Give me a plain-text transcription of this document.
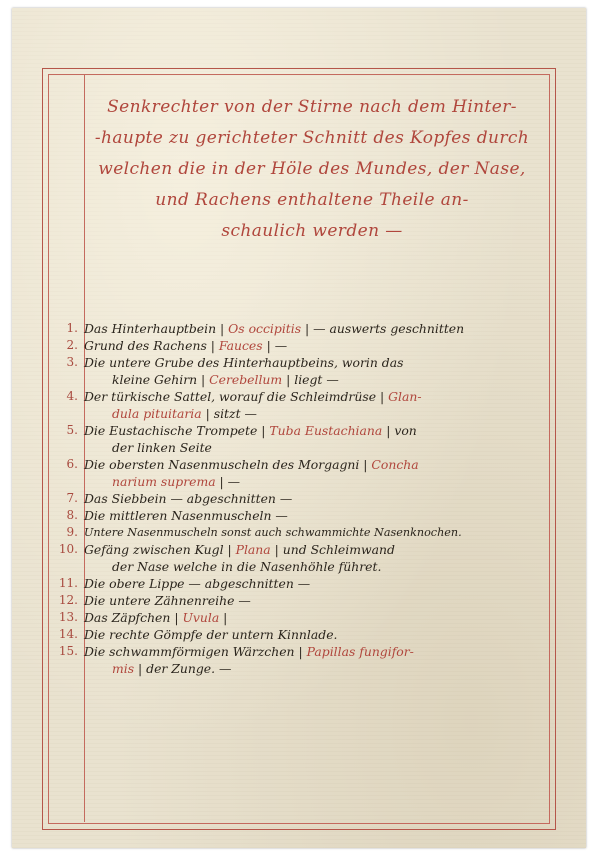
Senkrechter von der Stirne nach dem Hinter-
-haupte zu gerichteter Schnitt des Kopfes durch
welchen die in der Höle des Mundes, der Nase,
und Rachens enthaltene Theile an-
schaulich werden —
1. Das Hinterhauptbein | Os occipitis | — auswerts geschnitten
2. Grund des Rachens | Fauces | —
3. Die untere Grube des Hinterhauptbeins, worin das
kleine Gehirn | Cerebellum | liegt —
4. Der türkische Sattel, worauf die Schleimdrüse | Glan-
dula pituitaria | sitzt —
5. Die Eustachische Trompete | Tuba Eustachiana | von
der linken Seite
6. Die obersten Nasenmuscheln des Morgagni | Concha
narium suprema | —
7. Das Siebbein — abgeschnitten —
8. Die mittleren Nasenmuscheln —
9. Untere Nasenmuscheln sonst auch schwammichte Nasenknochen.
10. Gefäng zwischen Kugl | Plana | und Schleimwand
der Nase welche in die Nasenhöhle führet.
11. Die obere Lippe — abgeschnitten —
12. Die untere Zähnenreihe —
13. Das Zäpfchen | Uvula |
14. Die rechte Gömpfe der untern Kinnlade.
15. Die schwammförmigen Wärzchen | Papillas fungifor-
mis | der Zunge. —
